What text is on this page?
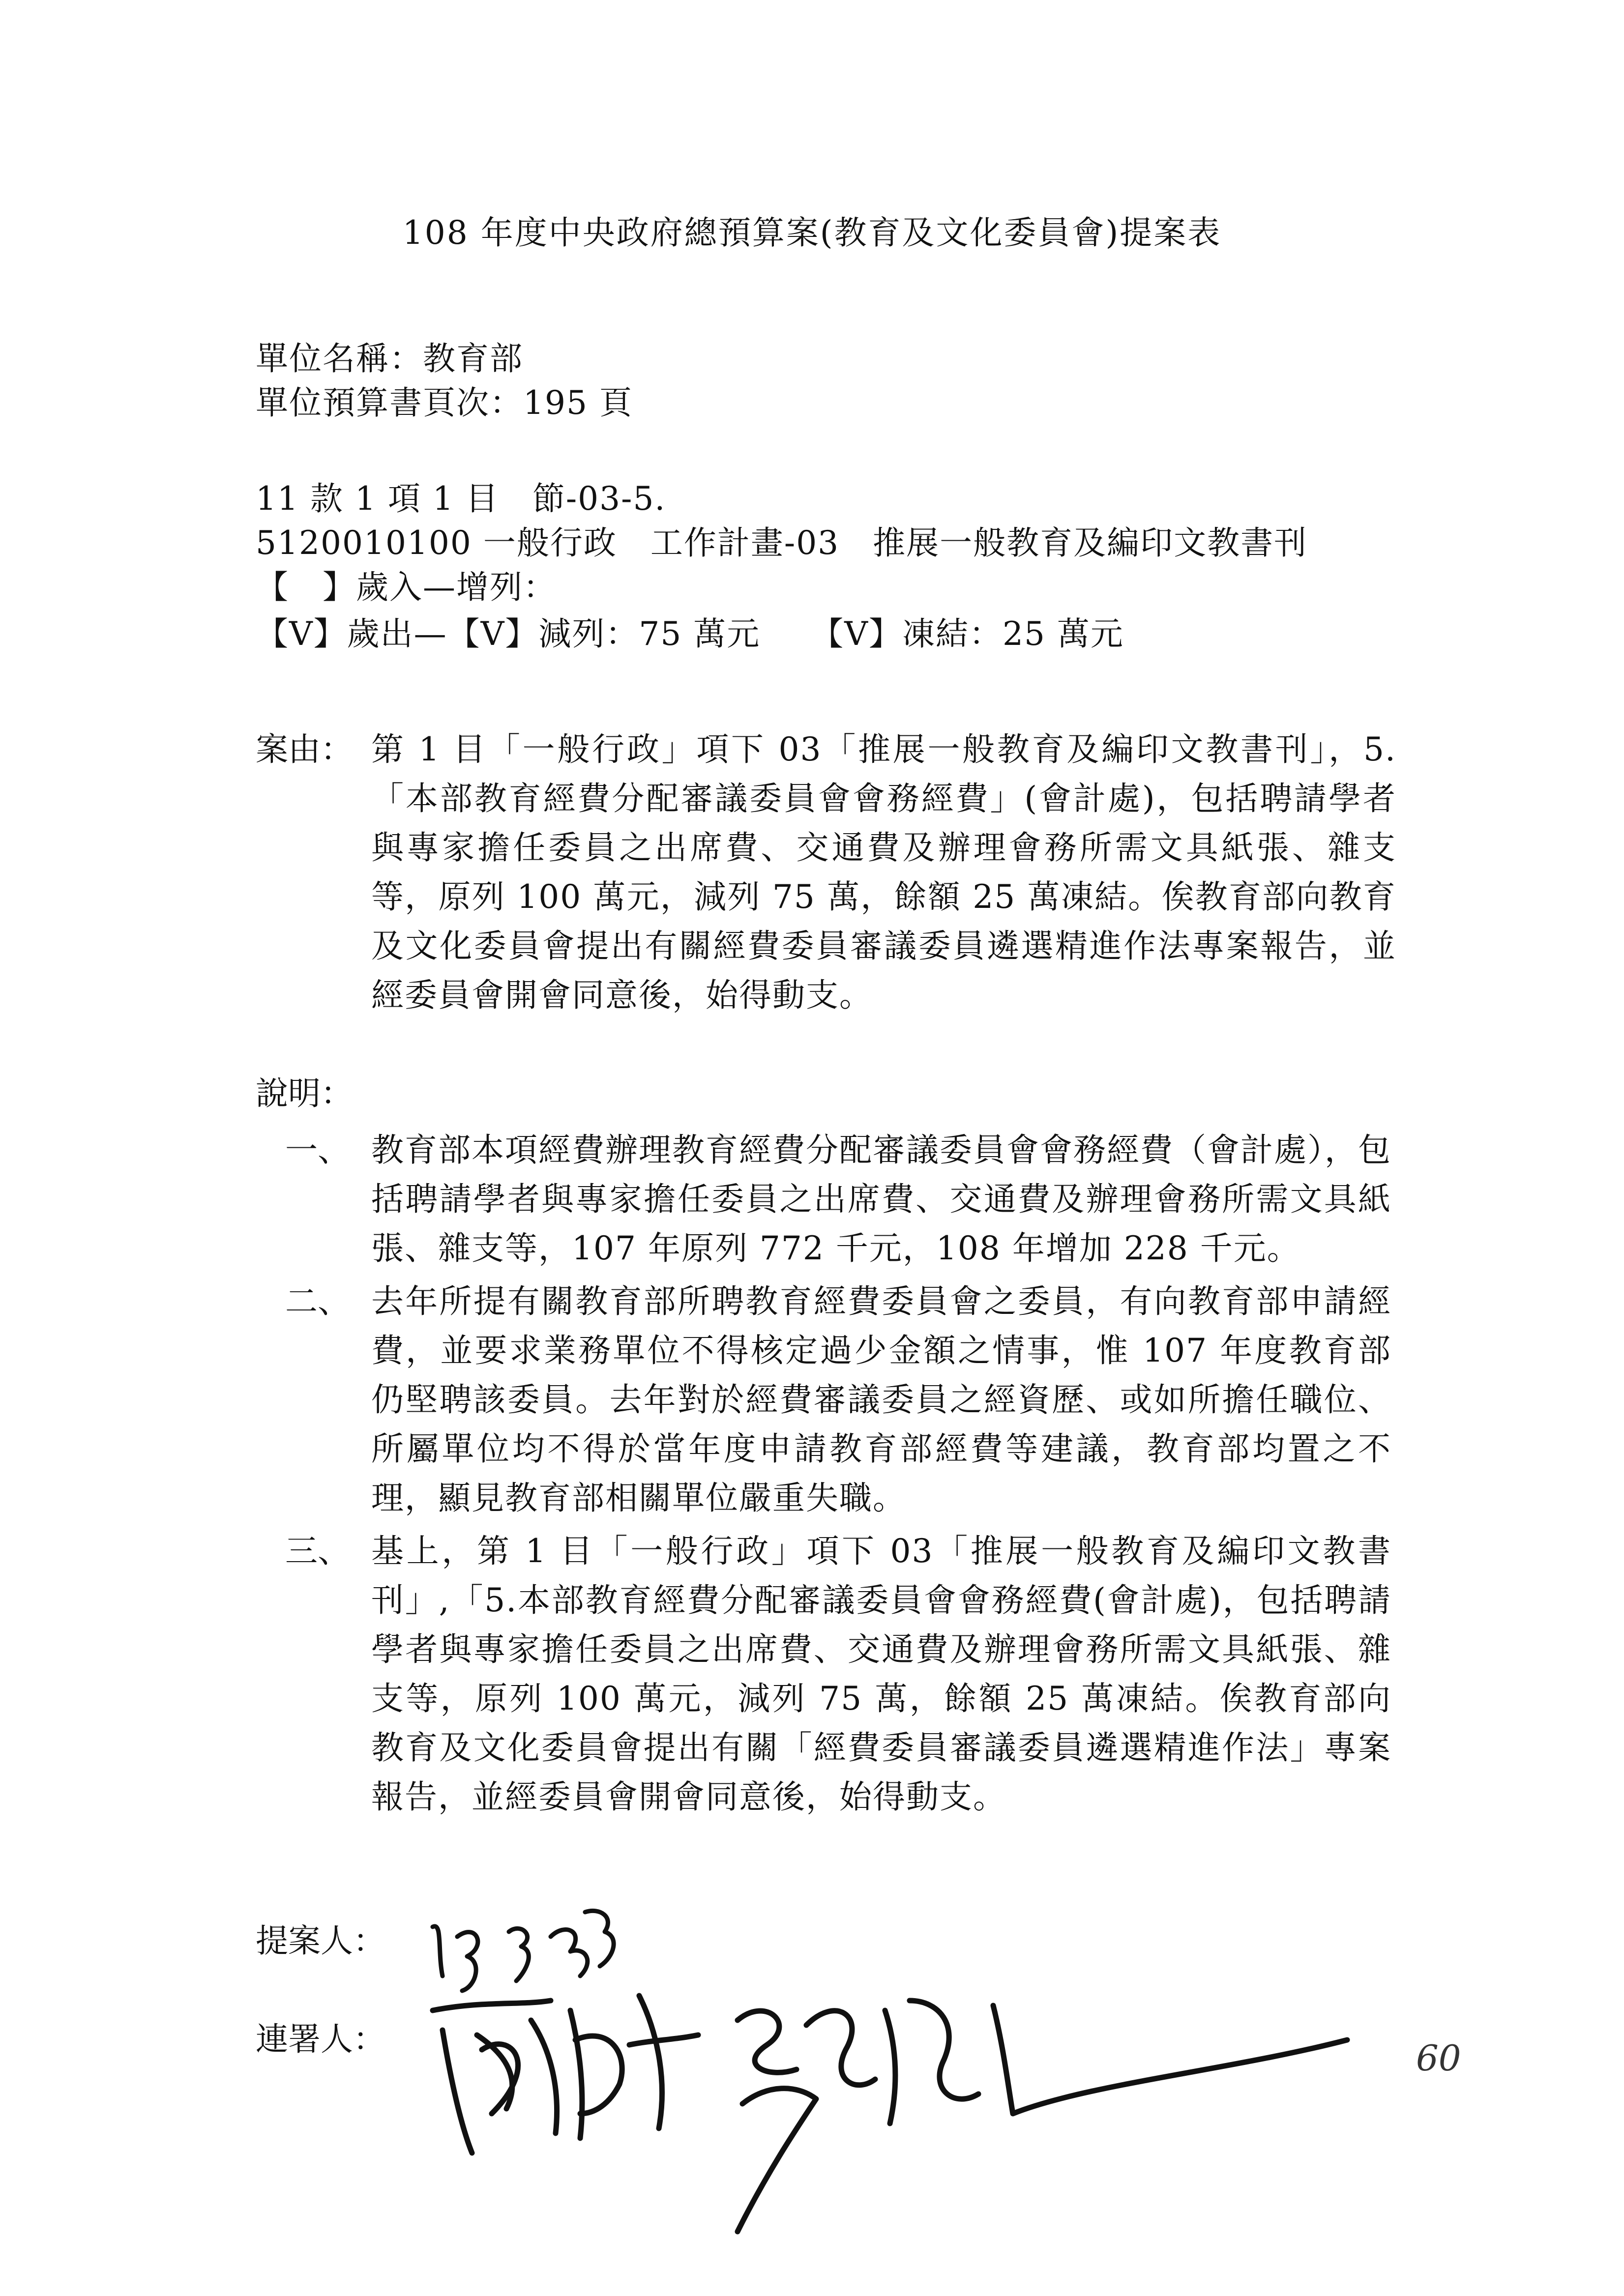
108 年度中央政府總預算案(教育及文化委員會)提案表
單位名稱：教育部
單位預算書頁次：195 頁
11 款 1 項 1 目　節-03-5.
5120010100 一般行政　工作計畫-03　推展一般教育及編印文教書刊
【　】歲入—增列：
【V】歲出—【V】減列：75 萬元　　【V】凍結：25 萬元
案由： 第 1 目「一般行政」項下 03「推展一般教育及編印文教書刊」，5.「本部教育經費分配審議委員會會務經費」(會計處)，包括聘請學者與專家擔任委員之出席費、交通費及辦理會務所需文具紙張、雜支等，原列 100 萬元，減列 75 萬，餘額 25 萬凍結。俟教育部向教育及文化委員會提出有關經費委員審議委員遴選精進作法專案報告，並經委員會開會同意後，始得動支。
說明：
一、 教育部本項經費辦理教育經費分配審議委員會會務經費（會計處），包括聘請學者與專家擔任委員之出席費、交通費及辦理會務所需文具紙張、雜支等，107 年原列 772 千元，108 年增加 228 千元。
二、 去年所提有關教育部所聘教育經費委員會之委員，有向教育部申請經費，並要求業務單位不得核定過少金額之情事，惟 107 年度教育部仍堅聘該委員。去年對於經費審議委員之經資歷、或如所擔任職位、所屬單位均不得於當年度申請教育部經費等建議，教育部均置之不理，顯見教育部相關單位嚴重失職。
三、 基上，第 1 目「一般行政」項下 03「推展一般教育及編印文教書刊」,「5.本部教育經費分配審議委員會會務經費(會計處)，包括聘請學者與專家擔任委員之出席費、交通費及辦理會務所需文具紙張、雜支等，原列 100 萬元，減列 75 萬，餘額 25 萬凍結。俟教育部向教育及文化委員會提出有關「經費委員審議委員遴選精進作法」專案報告，並經委員會開會同意後，始得動支。
提案人：
連署人：	60
